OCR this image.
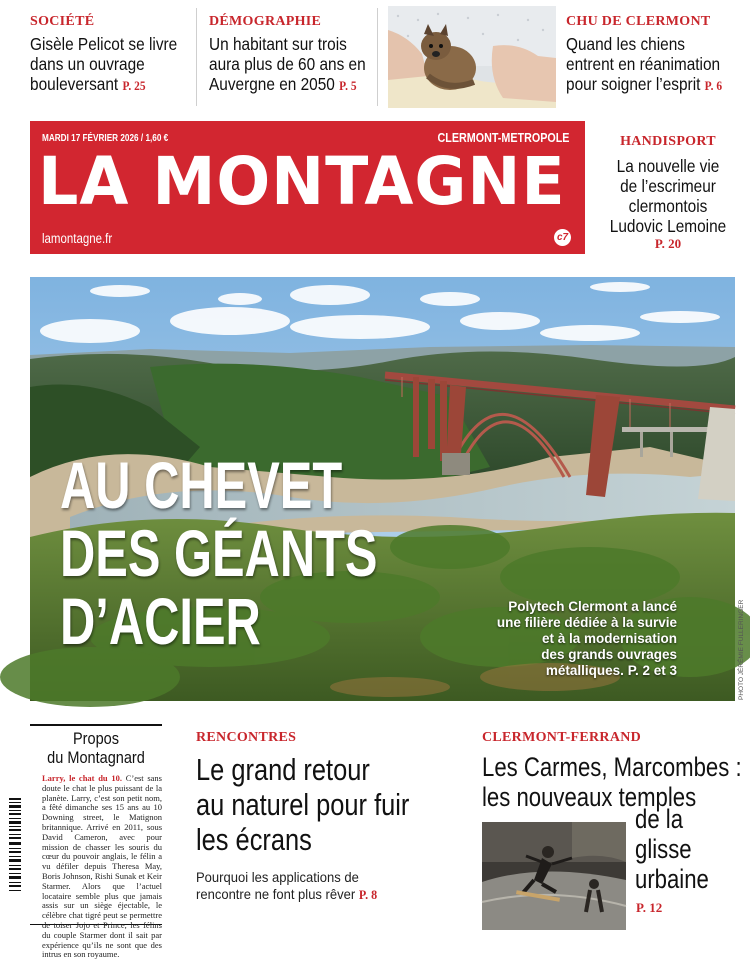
SOCIÉTÉ
Gisèle Pelicot se livre
dans un ouvrage
bouleversant P. 25
DÉMOGRAPHIE
Un habitant sur trois
aura plus de 60 ans en
Auvergne en 2050 P. 5
CHU DE CLERMONT
Quand les chiens
entrent en réanimation
pour soigner l’esprit P. 6
MARDI 17 FÉVRIER 2026 / 1,60 €	CLERMONT-METROPOLE
LA MONTAGNE
lamontagne.fr	c7
HANDISPORT
La nouvelle vie
de l’escrimeur
clermontois
Ludovic Lemoine
P. 20
AU CHEVET
DES GÉANTS
D’ACIER	Polytech Clermont a lancé
une filière dédiée à la survie
et à la modernisation
des grands ouvrages
métalliques. P. 2 et 3	PHOTO JÉRÉMIE FULLERINGER
Propos
du Montagnard
Larry, le chat du 10. C’est sans doute le chat le plus puissant de la planète. Larry, c’est son petit nom, a fêté dimanche ses 15 ans au 10 Downing street, le Matignon britannique. Arrivé en 2011, sous David Cameron, avec pour mission de chasser les souris du cœur du pouvoir anglais, le félin a vu défiler depuis Theresa May, Boris Johnson, Rishi Sunak et Keir Starmer. Alors que l’actuel locataire semble plus que jamais assis sur un siège éjectable, le célèbre chat tigré peut se permettre de toiser Jojo et Prince, les félins du couple Starmer dont il sait par expérience qu’ils ne sont que des intrus en son royaume.
RENCONTRES
Le grand retour
au naturel pour fuir
les écrans
Pourquoi les applications de
rencontre ne font plus rêver P. 8
CLERMONT-FERRAND
Les Carmes, Marcombes :
les nouveaux temples
de la
glisse
urbaine
P. 12
